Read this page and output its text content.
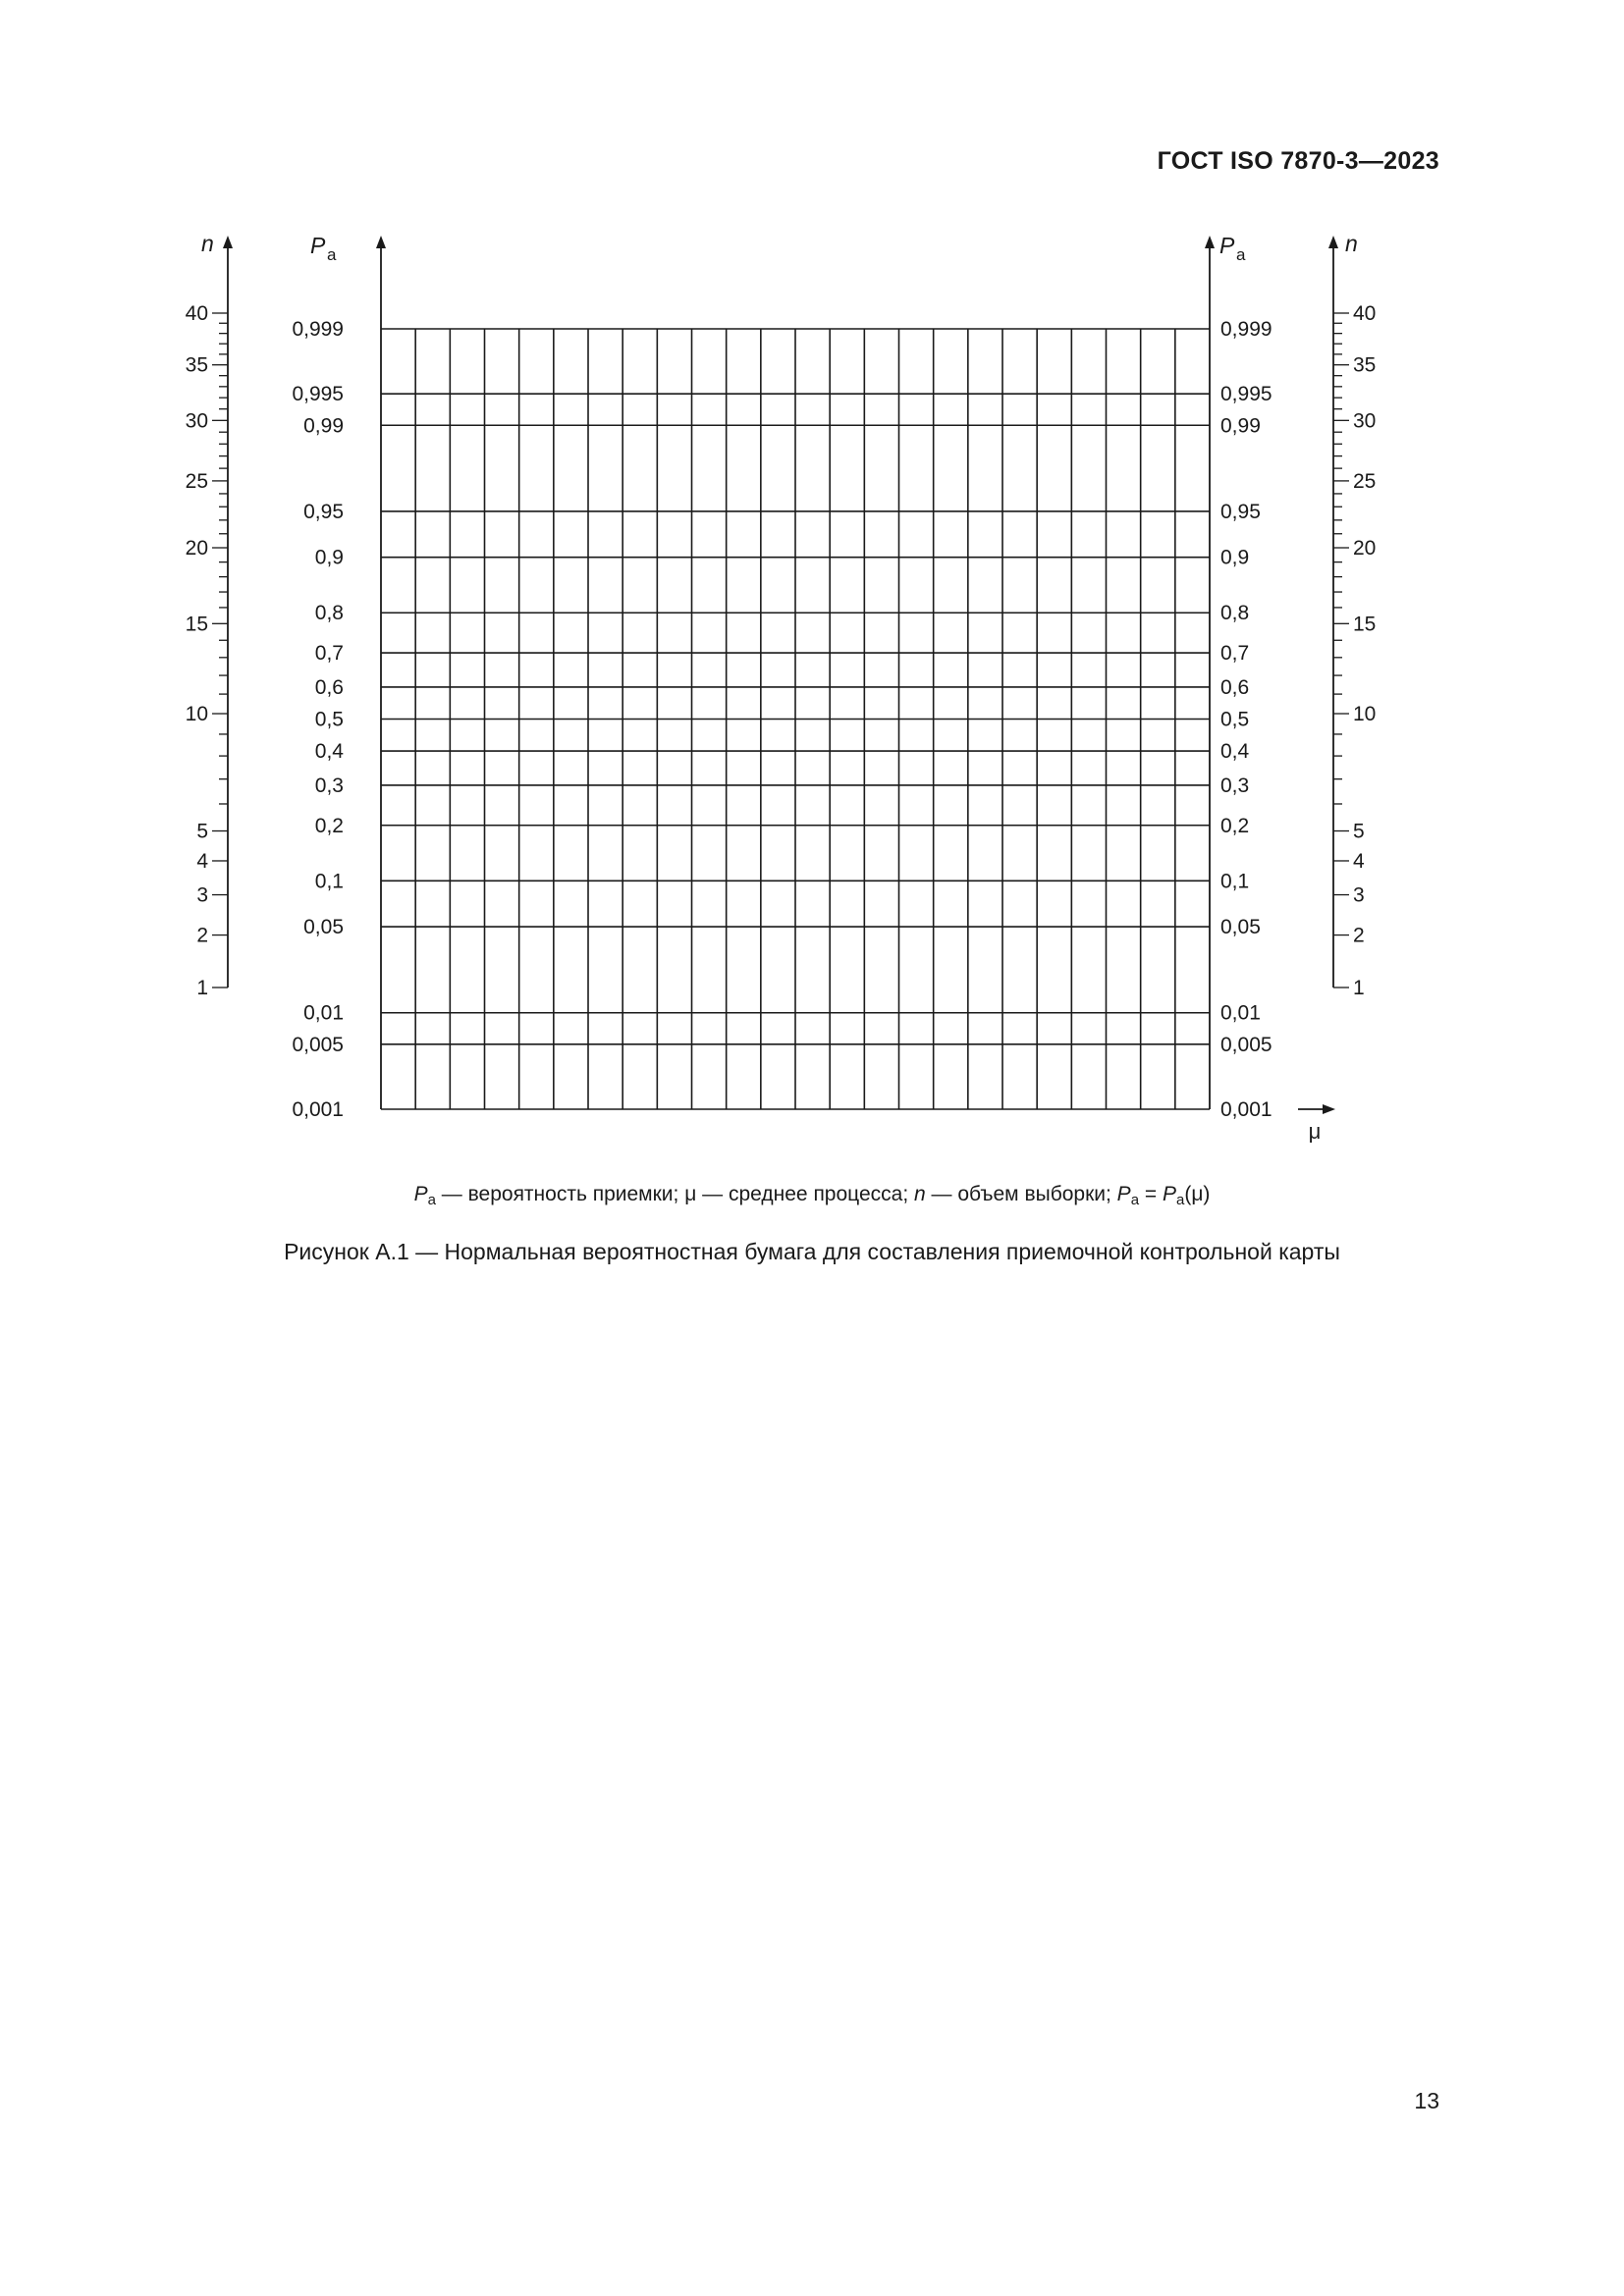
ГОСТ ISO 7870-3—2023
1
2
3
4
5
10
15
20
25
30
35
40
n	P a
0,999
0,995
0,99
0,95
0,9
0,8
0,7
0,6
0,5
0,4
0,3
0,2
0,1
0,05
0,01
0,005
0,001
P a
0,999
0,995
0,99
0,95
0,9
0,8
0,7
0,6
0,5
0,4
0,3
0,2
0,1
0,05
0,01
0,005
0,001
1
2
3
4
5
10
15
20
25
30
35
40
n
μ
$P_a$ — вероятность приемки; μ — среднее процесса; n — объем выборки; $P_a = P_a(\mu)$
Рисунок А.1 — Нормальная вероятностная бумага для составления приемочной контрольной карты
13
